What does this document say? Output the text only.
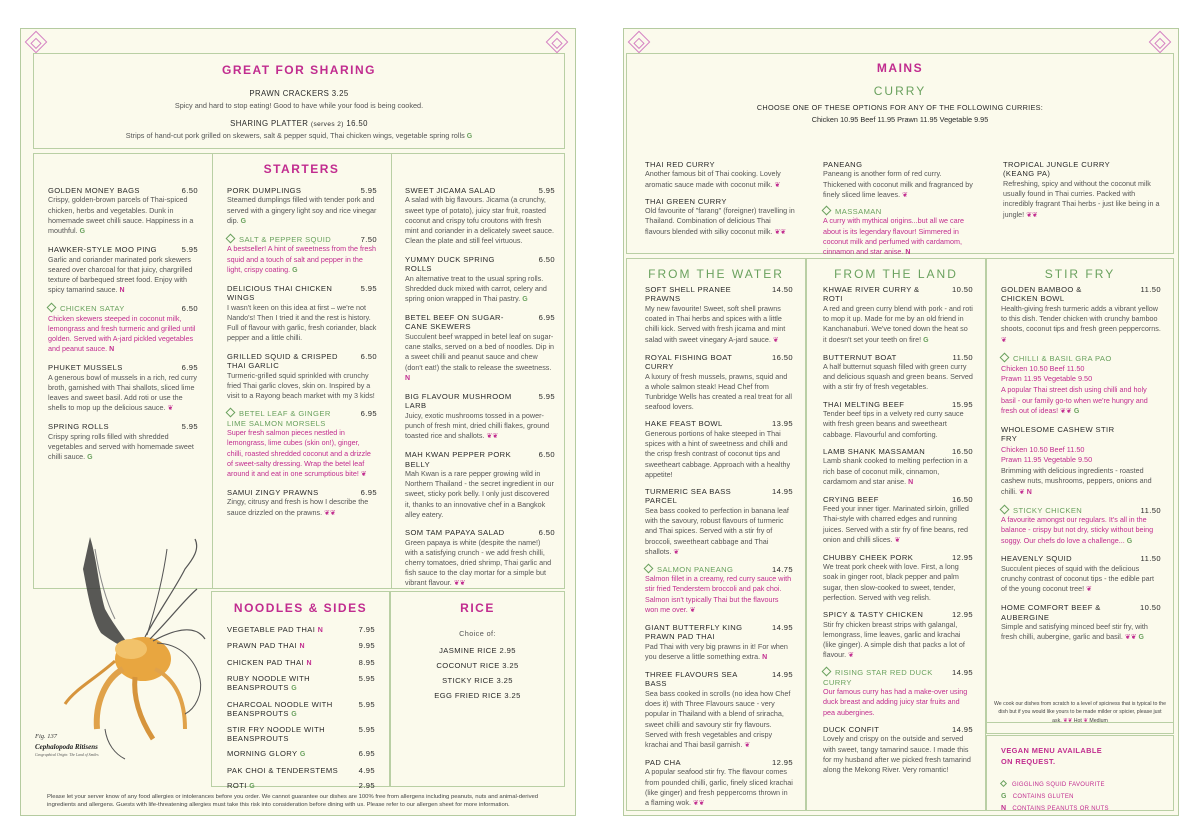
GREAT FOR SHARING
PRAWN CRACKERS 3.25
Spicy and hard to stop eating! Good to have while your food is being cooked.
SHARING PLATTER (serves 2) 16.50
Strips of hand-cut pork grilled on skewers, salt & pepper squid, Thai chicken wings, vegetable spring rolls G
STARTERS
GOLDEN MONEY BAGS	6.50
Crispy, golden-brown parcels of Thai-spiced chicken, herbs and vegetables. Dunk in homemade sweet chilli sauce. Happiness in a mouthful. G
HAWKER-STYLE MOO PING	5.95
Garlic and coriander marinated pork skewers seared over charcoal for that juicy, chargrilled texture of barbequed street food. Enjoy with spicy tamarind sauce. N
CHICKEN SATAY	6.50
Chicken skewers steeped in coconut milk, lemongrass and fresh turmeric and grilled until golden. Served with A-jard pickled vegetables and peanut sauce. N
PHUKET MUSSELS	6.95
A generous bowl of mussels in a rich, red curry broth, garnished with Thai shallots, sliced lime leaves and sweet basil. Add roti or use the shells to mop up the delicious sauce. ❦
SPRING ROLLS	5.95
Crispy spring rolls filled with shredded vegetables and served with homemade sweet chilli sauce. G
PORK DUMPLINGS	5.95
Steamed dumplings filled with tender pork and served with a gingery light soy and rice vinegar dip. G
SALT & PEPPER SQUID	7.50
A bestseller! A hint of sweetness from the fresh squid and a touch of salt and pepper in the light, crispy coating. G
DELICIOUS THAI CHICKEN WINGS
5.95
I wasn't keen on this idea at first – we're not Nando's! Then I tried it and the rest is history. Full of flavour with garlic, fresh coriander, black pepper and a little chilli.
GRILLED SQUID & CRISPED THAI GARLIC
6.50
Turmeric-grilled squid sprinkled with crunchy fried Thai garlic cloves, skin on. Inspired by a visit to a Rayong beach market with my 3 kids!
BETEL LEAF & GINGER LIME SALMON MORSELS
6.95
Super fresh salmon pieces nestled in lemongrass, lime cubes (skin on!), ginger, chilli, roasted shredded coconut and a drizzle of sweet-salty dressing. Wrap the betel leaf around it and eat in one scrumptious bite! ❦
SAMUI ZINGY PRAWNS	6.95
Zingy, citrusy and fresh is how I describe the sauce drizzled on the prawns. ❦❦
SWEET JICAMA SALAD	5.95
A salad with big flavours. Jicama (a crunchy, sweet type of potato), juicy star fruit, roasted coconut and crispy tofu croutons with fresh mint and coriander in a delicately sweet sauce. Clean the plate and still feel virtuous.
YUMMY DUCK SPRING ROLLS
6.50
An alternative treat to the usual spring rolls. Shredded duck mixed with carrot, celery and spring onion wrapped in Thai pastry. G
BETEL BEEF ON SUGAR-CANE SKEWERS
6.95
Succulent beef wrapped in betel leaf on sugar-cane stalks, served on a bed of noodles. Dip in a sweet chilli and peanut sauce and chew (don't eat!) the stalk to release the sweetness. N
BIG FLAVOUR MUSHROOM LARB
5.95
Juicy, exotic mushrooms tossed in a power-punch of fresh mint, dried chilli flakes, ground toasted rice and shallots. ❦❦
MAH KWAN PEPPER PORK BELLY
6.50
Mah Kwan is a rare pepper growing wild in Northern Thailand - the secret ingredient in our sweet, sticky pork belly. I only just discovered it, thanks to an innovative chef in a Bangkok alley eatery.
SOM TAM PAPAYA SALAD	6.50
Green papaya is white (despite the name!) with a satisfying crunch - we add fresh chilli, cherry tomatoes, dried shrimp, Thai garlic and fish sauce to the clay mortar for a simple but vibrant flavour. ❦❦
Fig. 137
Cephalopoda Ritisens
Geographical Origin: The Land of Smiles
NOODLES & SIDES
VEGETABLE PAD THAI N	7.95
PRAWN PAD THAI N	9.95
CHICKEN PAD THAI N	8.95
RUBY NOODLE WITH BEANSPROUTS G
5.95
CHARCOAL NOODLE WITH BEANSPROUTS G
5.95
STIR FRY NOODLE WITH BEANSPROUTS
5.95
MORNING GLORY G	6.95
PAK CHOI & TENDERSTEMS	4.95
ROTI G	2.95
RICE
Choice of:
JASMINE RICE 2.95
COCONUT RICE 3.25
STICKY RICE 3.25
EGG FRIED RICE 3.25
Please let your server know of any food allergies or intolerances before you order. We cannot guarantee our dishes are 100% free from allergens including peanuts, nuts and animal-derived ingredients and allergens. Guests with life-threatening allergies must take this risk into consideration before dining with us. Please refer to our allergen sheet for more information.
MAINS
CURRY
CHOOSE ONE OF THESE OPTIONS FOR ANY OF THE FOLLOWING CURRIES:
Chicken 10.95 Beef 11.95 Prawn 11.95 Vegetable 9.95
THAI RED CURRY
Another famous bit of Thai cooking. Lovely aromatic sauce made with coconut milk. ❦
THAI GREEN CURRY
Old favourite of "farang" (foreigner) travelling in Thailand. Combination of delicious Thai flavours blended with silky coconut milk. ❦❦
PANEANG
Paneang is another form of red curry. Thickened with coconut milk and fragranced by finely sliced lime leaves. ❦
MASSAMAN
A curry with mythical origins...but all we care about is its legendary flavour! Simmered in coconut milk and perfumed with cardamom, cinnamon and star anise. N
TROPICAL JUNGLE CURRY (KEANG PA)
Refreshing, spicy and without the coconut milk usually found in Thai curries. Packed with incredibly fragrant Thai herbs - just like being in a jungle! ❦❦
FROM THE WATER
SOFT SHELL PRANEE PRAWNS
14.50
My new favourite! Sweet, soft shell prawns coated in Thai herbs and spices with a little chilli kick. Served with fresh jicama and mint salad with sweet vinegary A-jard sauce. ❦
ROYAL FISHING BOAT CURRY
16.50
A luxury of fresh mussels, prawns, squid and a whole salmon steak! Head Chef from Tunbridge Wells has created a real treat for all seafood lovers.
HAKE FEAST BOWL	13.95
Generous portions of hake steeped in Thai spices with a hint of sweetness and chilli and the crisp fresh contrast of coconut tips and sweetheart cabbage. Approach with a healthy appetite!
TURMERIC SEA BASS PARCEL
14.95
Sea bass cooked to perfection in banana leaf with the savoury, robust flavours of turmeric and Thai spices. Served with a stir fry of broccoli, sweetheart cabbage and Thai shallots. ❦
SALMON PANEANG	14.75
Salmon fillet in a creamy, red curry sauce with stir fried Tenderstem broccoli and pak choi. Salmon isn't typically Thai but the flavours won me over. ❦
GIANT BUTTERFLY KING PRAWN PAD THAI
14.95
Pad Thai with very big prawns in it! For when you deserve a little something extra. N
THREE FLAVOURS SEA BASS
14.95
Sea bass cooked in scrolls (no idea how Chef does it) with Three Flavours sauce - very popular in Thailand with a blend of sriracha, sweet chilli and savoury stir fry flavours. Served with fresh vegetables and crispy krachai and Thai basil garnish. ❦
PAD CHA	12.95
A popular seafood stir fry. The flavour comes from pounded chilli, garlic, finely sliced krachai (like ginger) and fresh peppercorns thrown in a flaming wok. ❦❦
FROM THE LAND
KHWAE RIVER CURRY & ROTI
10.50
A red and green curry blend with pork - and roti to mop it up. Made for me by an old friend in Kanchanaburi. We've toned down the heat so it doesn't set your teeth on fire! G
BUTTERNUT BOAT	11.50
A half butternut squash filled with green curry and delicious squash and green beans. Served with a stir fry of fresh vegetables.
THAI MELTING BEEF	15.95
Tender beef tips in a velvety red curry sauce with fresh green beans and sweetheart cabbage. Flavourful and comforting.
LAMB SHANK MASSAMAN	16.50
Lamb shank cooked to melting perfection in a rich base of coconut milk, cinnamon, cardamom and star anise. N
CRYING BEEF	16.50
Feed your inner tiger. Marinated sirloin, grilled Thai-style with charred edges and running juices. Served with a stir fry of fine beans, red onion and chilli slices. ❦
CHUBBY CHEEK PORK	12.95
We treat pork cheek with love. First, a long soak in ginger root, black pepper and palm sugar, then slow-cooked to sweet, tender, perfection. Served with veg relish.
SPICY & TASTY CHICKEN	12.95
Stir fry chicken breast strips with galangal, lemongrass, lime leaves, garlic and krachai (like ginger). A simple dish that packs a lot of flavour. ❦
RISING STAR RED DUCK CURRY
14.95
Our famous curry has had a make-over using duck breast and adding juicy star fruits and pea aubergines.
DUCK CONFIT	14.95
Lovely and crispy on the outside and served with sweet, tangy tamarind sauce. I made this for my husband after we picked fresh tamarind along the Mekong River. Very romantic!
STIR FRY
GOLDEN BAMBOO & CHICKEN BOWL
11.50
Health-giving fresh turmeric adds a vibrant yellow to this dish. Tender chicken with crunchy bamboo shoots, coconut tips and fresh green peppercorns. ❦
CHILLI & BASIL GRA PAO
Chicken 10.50 Beef 11.50
Prawn 11.95 Vegetable 9.50
A popular Thai street dish using chilli and holy basil - our family go-to when we're hungry and fresh out of ideas! ❦❦ G
WHOLESOME CASHEW STIR FRY
Chicken 10.50 Beef 11.50
Prawn 11.95 Vegetable 9.50
Brimming with delicious ingredients - roasted cashew nuts, mushrooms, peppers, onions and chilli. ❦ N
STICKY CHICKEN	11.50
A favourite amongst our regulars. It's all in the balance - crispy but not dry, sticky without being soggy. Our chefs do love a challenge... G
HEAVENLY SQUID	11.50
Succulent pieces of squid with the delicious crunchy contrast of coconut tips - the edible part of the young coconut tree! ❦
HOME COMFORT BEEF & AUBERGINE
10.50
Simple and satisfying minced beef stir fry, with fresh chilli, aubergine, garlic and basil. ❦❦ G
We cook our dishes from scratch to a level of spiciness that is typical to the dish but if you would like yours to be made milder or spicier, please just ask. ❦❦ Hot ❦ Medium
VEGAN MENU AVAILABLE ON REQUEST.
GIGGLING SQUID FAVOURITE
G CONTAINS GLUTEN
N CONTAINS PEANUTS OR NUTS
